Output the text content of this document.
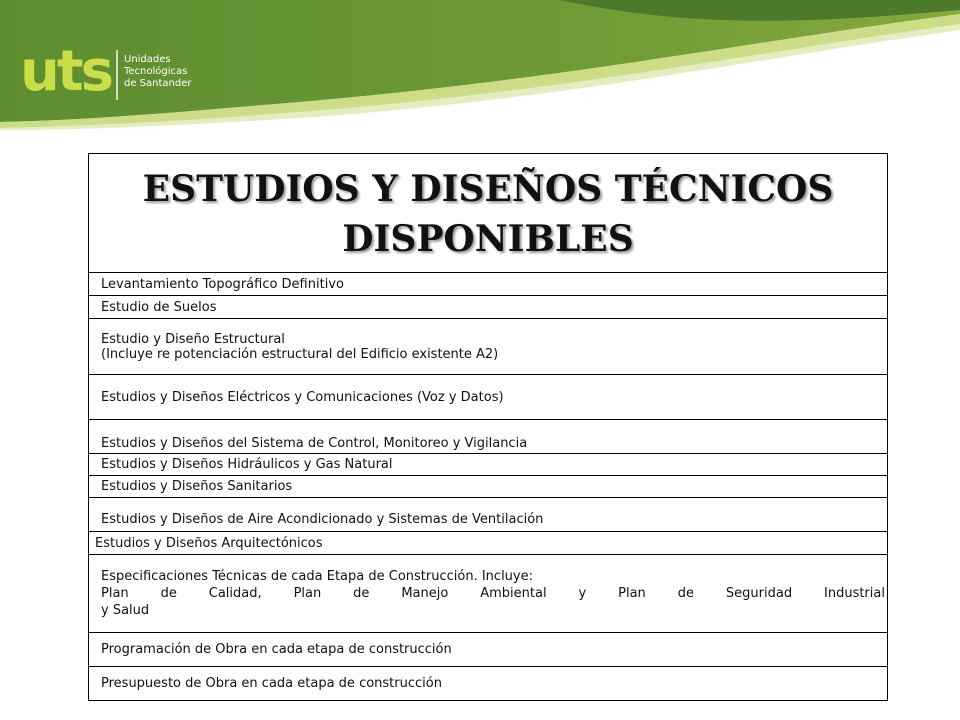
uts Unidades
Tecnológicas
de Santander
ESTUDIOS Y DISEÑOS TÉCNICOS
DISPONIBLES

Levantamiento Topográfico Definitivo
Estudio de Suelos

Estudio y Diseño Estructural
(Incluye re potenciación estructural del Edificio existente A2)

Estudios y Diseños Eléctricos y Comunicaciones (Voz y Datos)
Estudios y Diseños del Sistema de Control, Monitoreo y Vigilancia
Estudios y Diseños Hidráulicos y Gas Natural
Estudios y Diseños Sanitarios
Estudios y Diseños de Aire Acondicionado y Sistemas de Ventilación
Estudios y Diseños Arquitectónicos

Especificaciones Técnicas de cada Etapa de Construcción. Incluye:
Plan de Calidad, Plan de Manejo Ambiental y Plan de Seguridad Industrial
y Salud

Programación de Obra en cada etapa de construcción
Presupuesto de Obra en cada etapa de construcción
